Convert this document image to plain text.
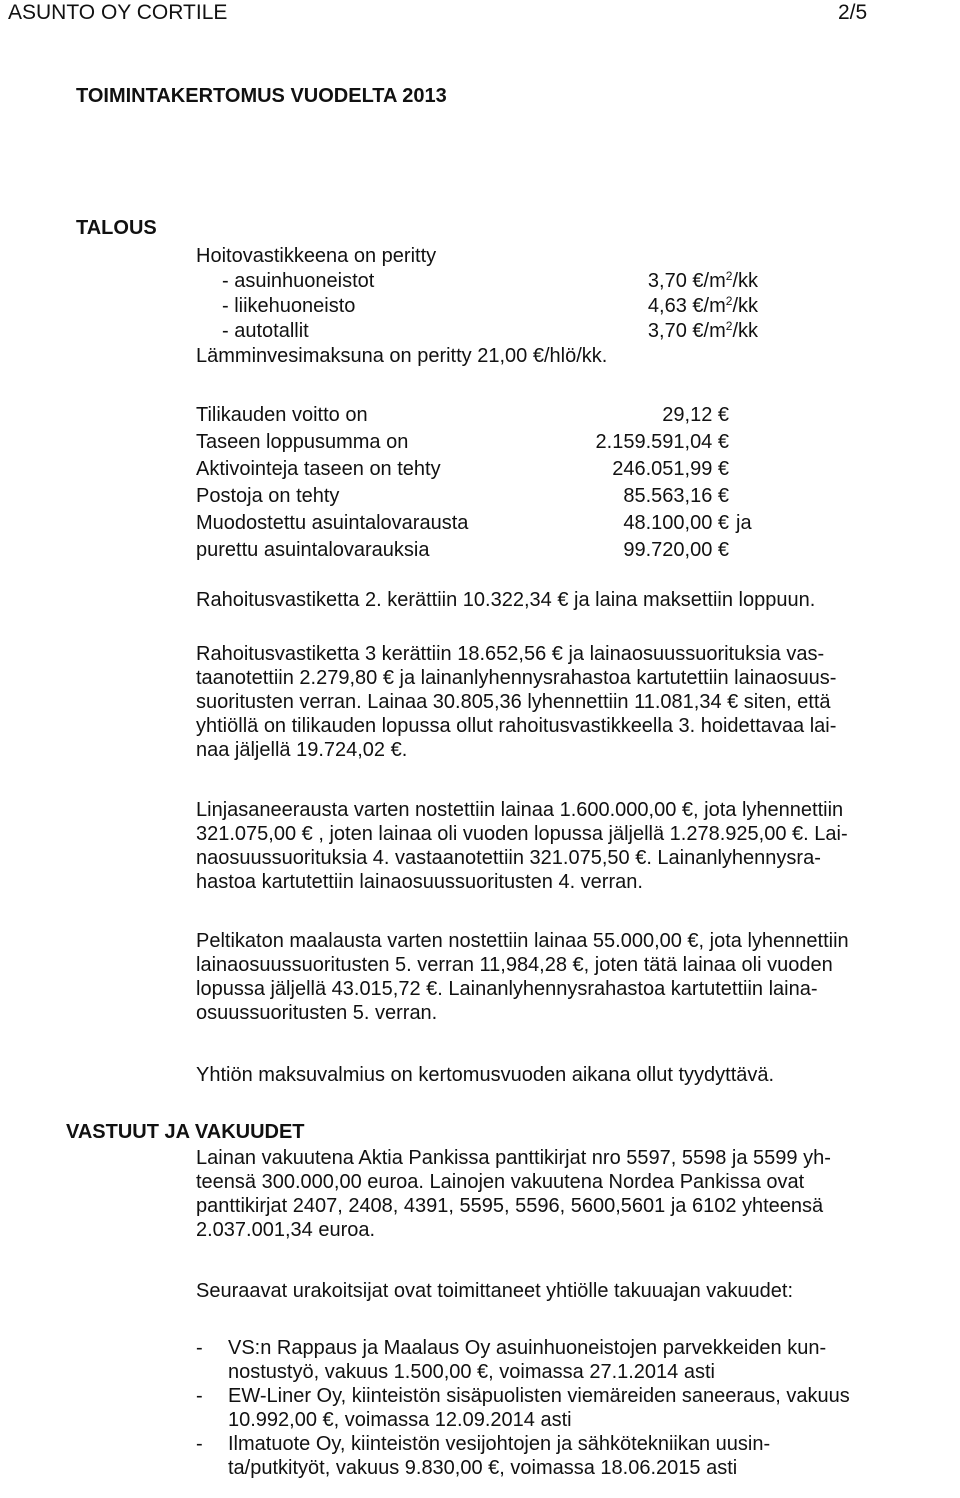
ASUNTO OY CORTILE	2/5
TOIMINTAKERTOMUS VUODELTA 2013
TALOUS
Hoitovastikkeena on peritty
- asuinhuoneistot	3,70 $€/m^2/kk$
- liikehuoneisto	4,63 $€/m^2/kk$
- autotallit	3,70 $€/m^2/kk$
Lämminvesimaksuna on peritty 21,00 €/hlö/kk.
Tilikauden voitto on	29,12 €
Taseen loppusumma on	2.159.591,04 €
Aktivointeja taseen on tehty	246.051,99 €
Postoja on tehty	85.563,16 €
Muodostettu asuintalovarausta	48.100,00 € ja
purettu asuintalovarauksia	99.720,00 €
Rahoitusvastiketta 2. kerättiin 10.322,34 € ja laina maksettiin loppuun.
Rahoitusvastiketta 3 kerättiin 18.652,56 € ja lainaosuussuorituksia vas-
taanotettiin 2.279,80 € ja lainanlyhennysrahastoa kartutettiin lainaosuus-
suoritusten verran. Lainaa 30.805,36 lyhennettiin 11.081,34 € siten, että
yhtiöllä on tilikauden lopussa ollut rahoitusvastikkeella 3. hoidettavaa lai-
naa jäljellä 19.724,02 €.
Linjasaneerausta varten nostettiin lainaa 1.600.000,00 €, jota lyhennettiin
321.075,00 € , joten lainaa oli vuoden lopussa jäljellä 1.278.925,00 €. Lai-
naosuussuorituksia 4. vastaanotettiin 321.075,50 €. Lainanlyhennysra-
hastoa kartutettiin lainaosuussuoritusten 4. verran.
Peltikaton maalausta varten nostettiin lainaa 55.000,00 €, jota lyhennettiin
lainaosuussuoritusten 5. verran 11,984,28 €, joten tätä lainaa oli vuoden
lopussa jäljellä 43.015,72 €. Lainanlyhennysrahastoa kartutettiin laina-
osuussuoritusten 5. verran.
Yhtiön maksuvalmius on kertomusvuoden aikana ollut tyydyttävä.
VASTUUT JA VAKUUDET
Lainan vakuutena Aktia Pankissa panttikirjat nro 5597, 5598 ja 5599 yh-
teensä 300.000,00 euroa. Lainojen vakuutena Nordea Pankissa ovat
panttikirjat 2407, 2408, 4391, 5595, 5596, 5600,5601 ja 6102 yhteensä
2.037.001,34 euroa.
Seuraavat urakoitsijat ovat toimittaneet yhtiölle takuuajan vakuudet:
- VS:n Rappaus ja Maalaus Oy asuinhuoneistojen parvekkeiden kun-
nostustyö, vakuus 1.500,00 €, voimassa 27.1.2014 asti
- EW-Liner Oy, kiinteistön sisäpuolisten viemäreiden saneeraus, vakuus
10.992,00 €, voimassa 12.09.2014 asti
- Ilmatuote Oy, kiinteistön vesijohtojen ja sähkötekniikan uusin-
ta/putkityöt, vakuus 9.830,00 €, voimassa 18.06.2015 asti
